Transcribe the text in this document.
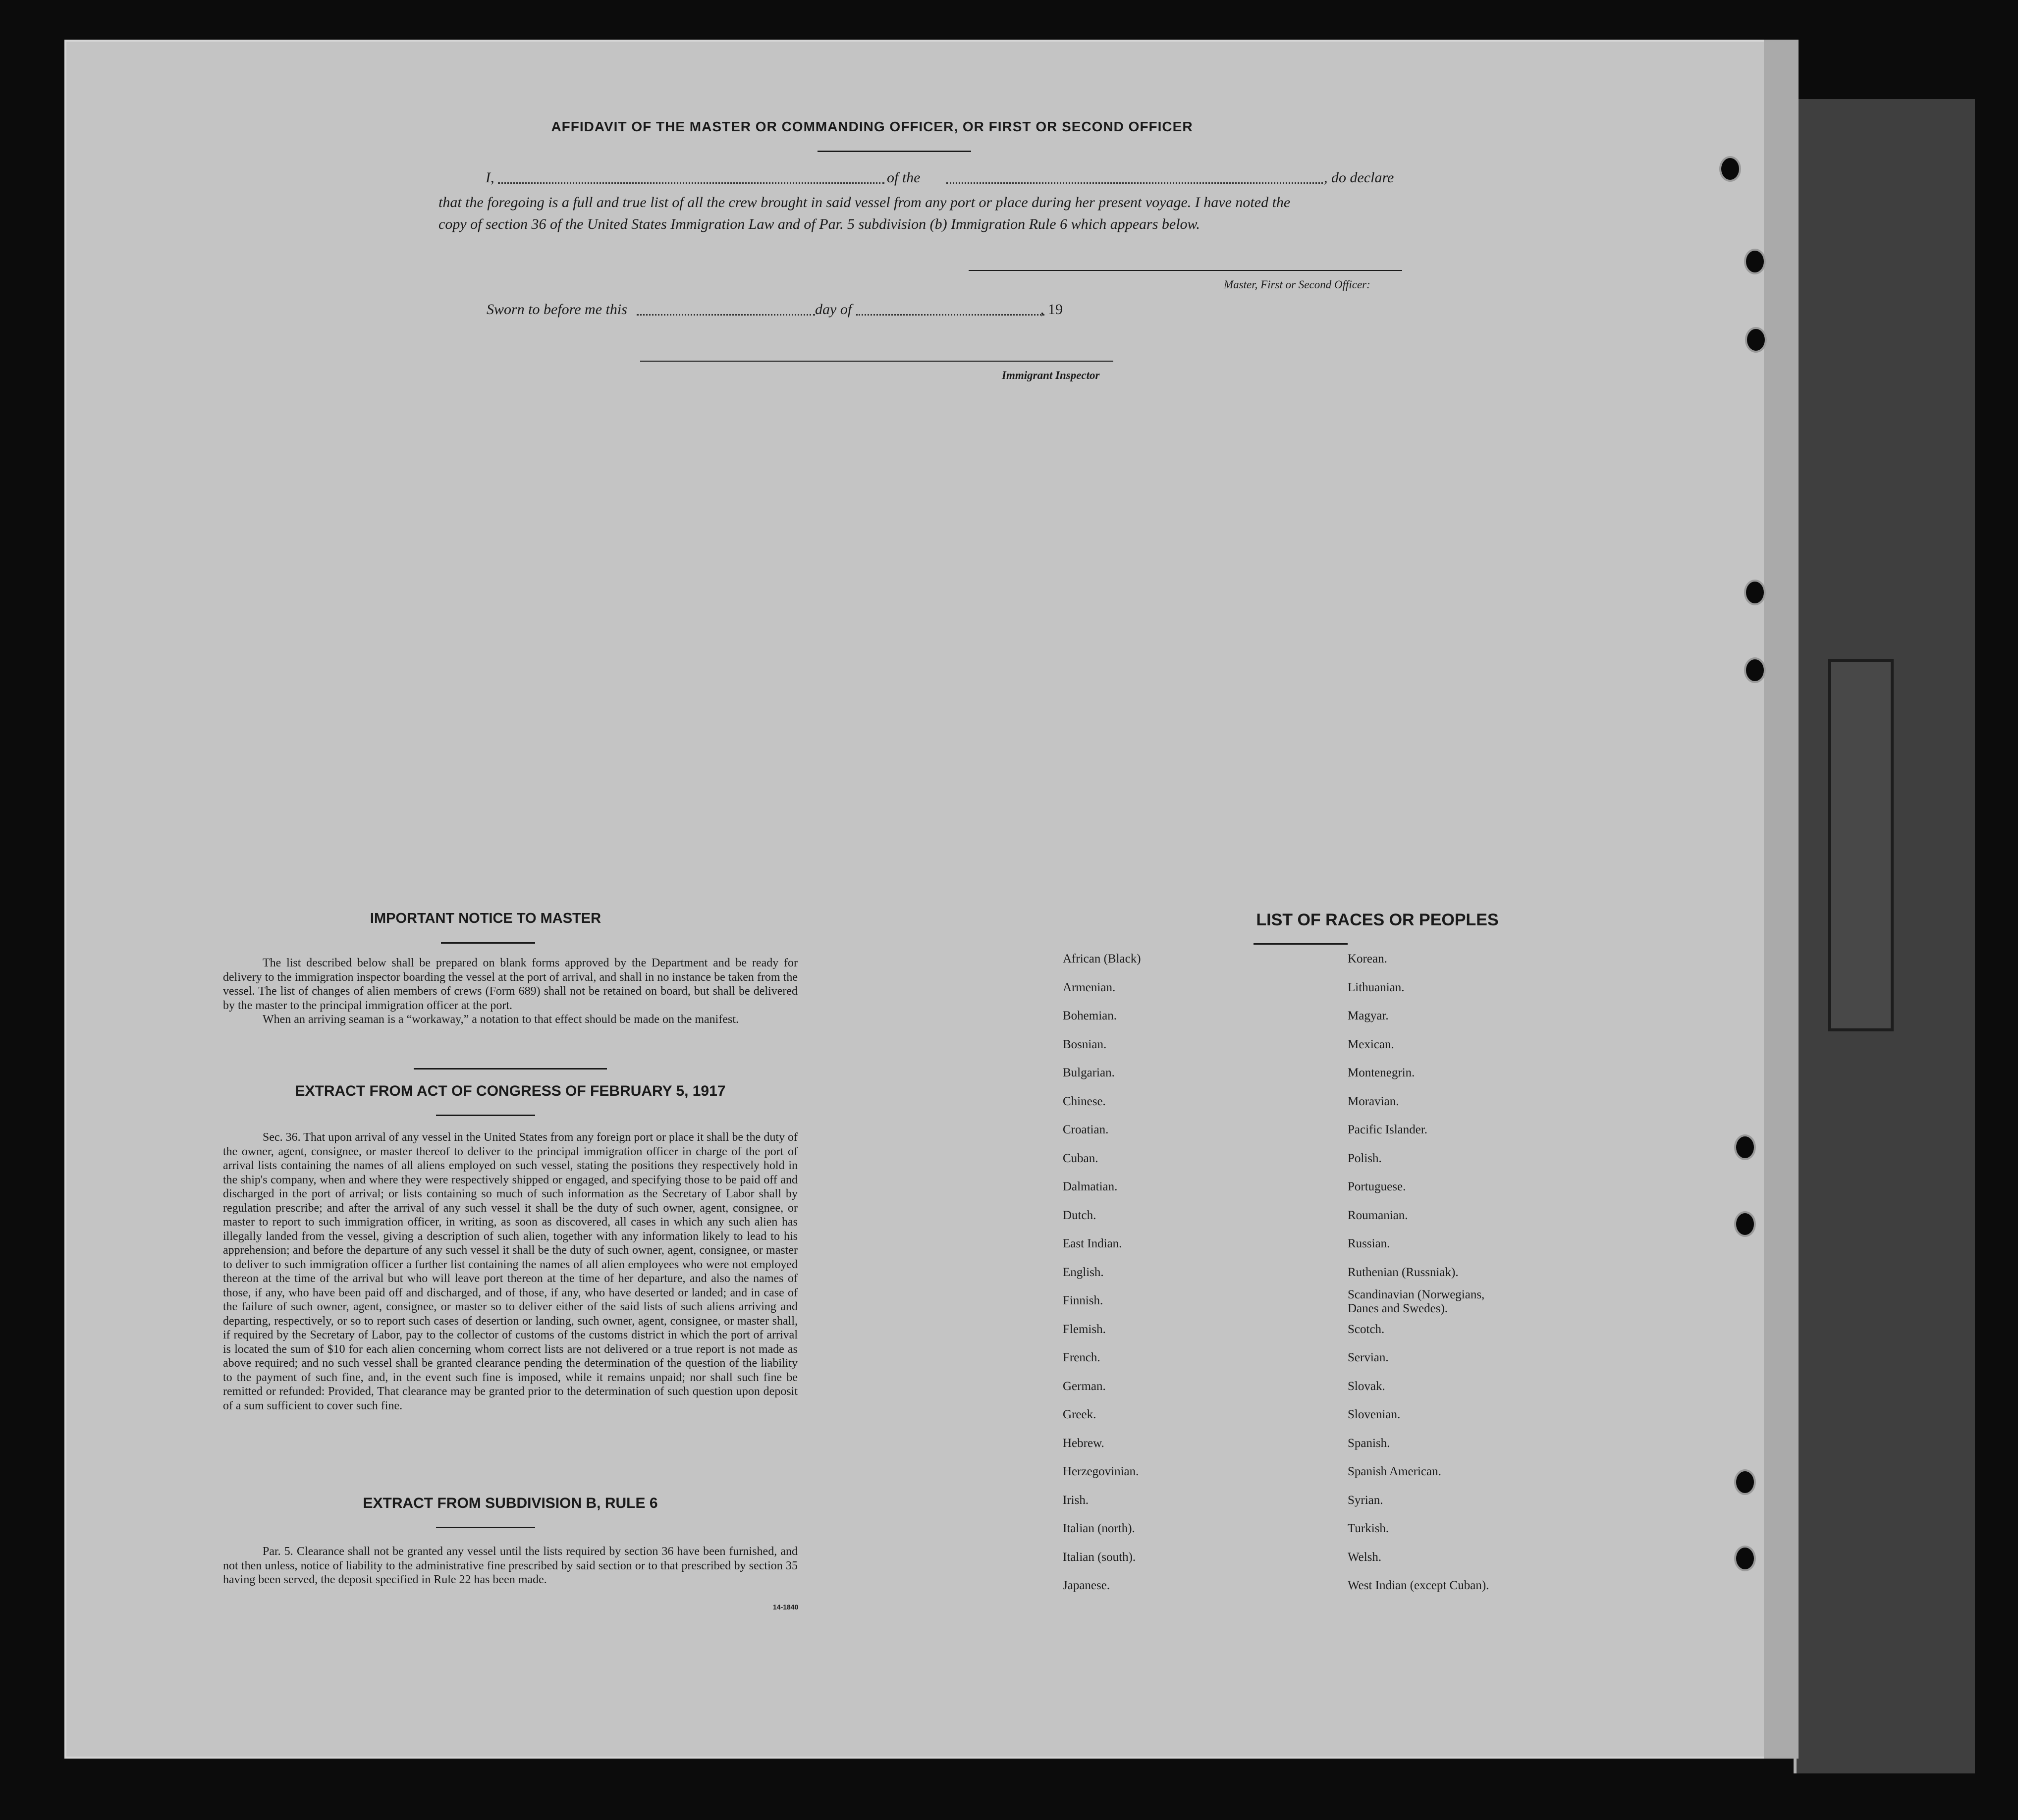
AFFIDAVIT OF THE MASTER OR COMMANDING OFFICER, OR FIRST OR SECOND OFFICER
I,	of the	, do declare
that the foregoing is a full and true list of all the crew brought in said vessel from any port or place during her present voyage. I have noted the
copy of section 36 of the United States Immigration Law and of Par. 5 subdivision (b) Immigration Rule 6 which appears below.
Master, First or Second Officer:
Sworn to before me this	day of	, 19
Immigrant Inspector
IMPORTANT NOTICE TO MASTER

The list described below shall be prepared on blank forms approved by the Department and be ready for delivery to the immigration inspector boarding the vessel at the port of arrival, and shall in no instance be taken from the vessel. The list of changes of alien members of crews (Form 689) shall not be retained on board, but shall be delivered by the master to the principal immigration officer at the port.

When an arriving seaman is a “workaway,” a notation to that effect should be made on the manifest.

EXTRACT FROM ACT OF CONGRESS OF FEBRUARY 5, 1917

Sec. 36. That upon arrival of any vessel in the United States from any foreign port or place it shall be the duty of the owner, agent, consignee, or master thereof to deliver to the principal immigration officer in charge of the port of arrival lists containing the names of all aliens employed on such vessel, stating the positions they respectively hold in the ship's company, when and where they were respectively shipped or engaged, and specifying those to be paid off and discharged in the port of arrival; or lists containing so much of such information as the Secretary of Labor shall by regulation prescribe; and after the arrival of any such vessel it shall be the duty of such owner, agent, consignee, or master to report to such immigration officer, in writing, as soon as discovered, all cases in which any such alien has illegally landed from the vessel, giving a description of such alien, together with any information likely to lead to his apprehension; and before the departure of any such vessel it shall be the duty of such owner, agent, consignee, or master to deliver to such immigration officer a further list containing the names of all alien employees who were not employed thereon at the time of the arrival but who will leave port thereon at the time of her departure, and also the names of those, if any, who have been paid off and discharged, and of those, if any, who have deserted or landed; and in case of the failure of such owner, agent, consignee, or master so to deliver either of the said lists of such aliens arriving and departing, respectively, or so to report such cases of desertion or landing, such owner, agent, consignee, or master shall, if required by the Secretary of Labor, pay to the collector of customs of the customs district in which the port of arrival is located the sum of $10 for each alien concerning whom correct lists are not delivered or a true report is not made as above required; and no such vessel shall be granted clearance pending the determination of the question of the liability to the payment of such fine, and, in the event such fine is imposed, while it remains unpaid; nor shall such fine be remitted or refunded: Provided, That clearance may be granted prior to the determination of such question upon deposit of a sum sufficient to cover such fine.

EXTRACT FROM SUBDIVISION B, RULE 6

Par. 5. Clearance shall not be granted any vessel until the lists required by section 36 have been furnished, and not then unless, notice of liability to the administrative fine prescribed by said section or to that prescribed by section 35 having been served, the deposit specified in Rule 22 has been made.

14-1840
LIST OF RACES OR PEOPLES
African (Black)
Armenian.
Bohemian.
Bosnian.
Bulgarian.
Chinese.
Croatian.
Cuban.
Dalmatian.
Dutch.
East Indian.
English.
Finnish.
Flemish.
French.
German.
Greek.
Hebrew.
Herzegovinian.
Irish.
Italian (north).
Italian (south).
Japanese.
Korean.
Lithuanian.
Magyar.
Mexican.
Montenegrin.
Moravian.
Pacific Islander.
Polish.
Portuguese.
Roumanian.
Russian.
Ruthenian (Russniak).
Scandinavian (Norwegians, Danes and Swedes).
Scotch.
Servian.
Slovak.
Slovenian.
Spanish.
Spanish American.
Syrian.
Turkish.
Welsh.
West Indian (except Cuban).
